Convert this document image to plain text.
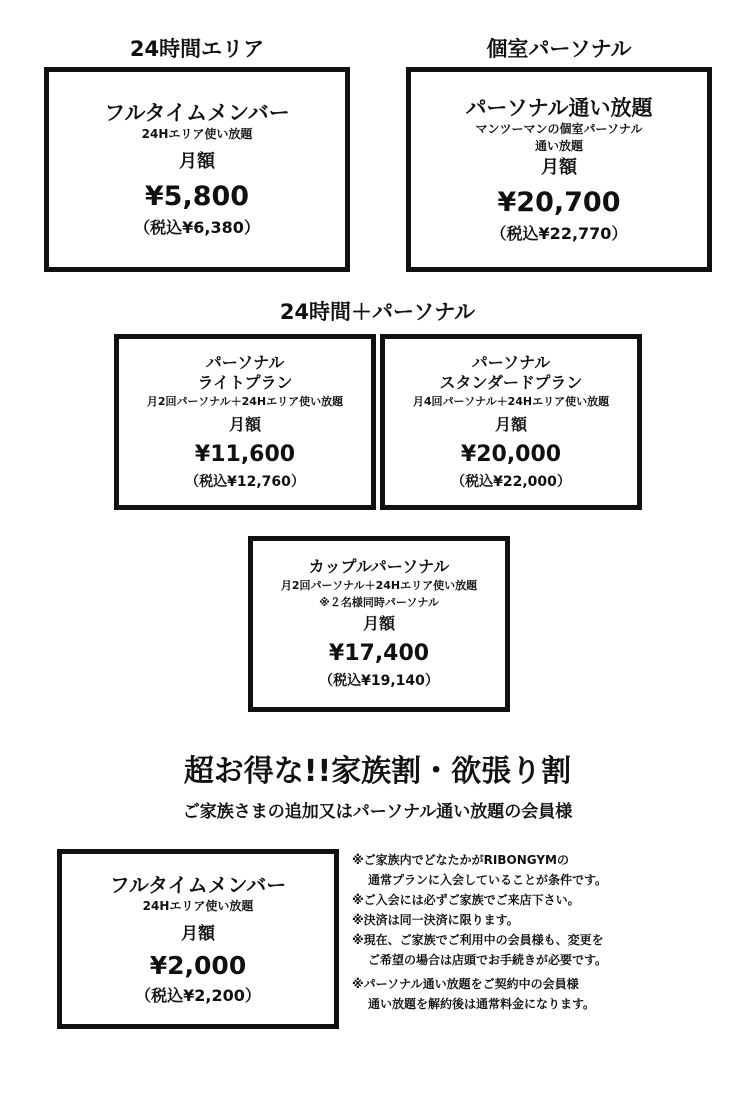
24時間エリア	個室パーソナル
フルタイムメンバー
24Hエリア使い放題
月額
¥5,800
（税込¥6,380）
パーソナル通い放題
マンツーマンの個室パーソナル
通い放題
月額
¥20,700
（税込¥22,770）
24時間＋パーソナル
パーソナル
ライトプラン
月2回パーソナル＋24Hエリア使い放題
月額
¥11,600
（税込¥12,760）
パーソナル
スタンダードプラン
月4回パーソナル＋24Hエリア使い放題
月額
¥20,000
（税込¥22,000）
カップルパーソナル
月2回パーソナル＋24Hエリア使い放題
※２名様同時パーソナル
月額
¥17,400
（税込¥19,140）
超お得な!!家族割・欲張り割
ご家族さまの追加又はパーソナル通い放題の会員様
フルタイムメンバー
24Hエリア使い放題
月額
¥2,000
（税込¥2,200）
※ご家族内でどなたかがRIBONGYMの
通常プランに入会していることが条件です。
※ご入会には必ずご家族でご来店下さい。
※決済は同一決済に限ります。
※現在、ご家族でご利用中の会員様も、変更を
ご希望の場合は店頭でお手続きが必要です。
※パーソナル通い放題をご契約中の会員様
通い放題を解約後は通常料金になります。
